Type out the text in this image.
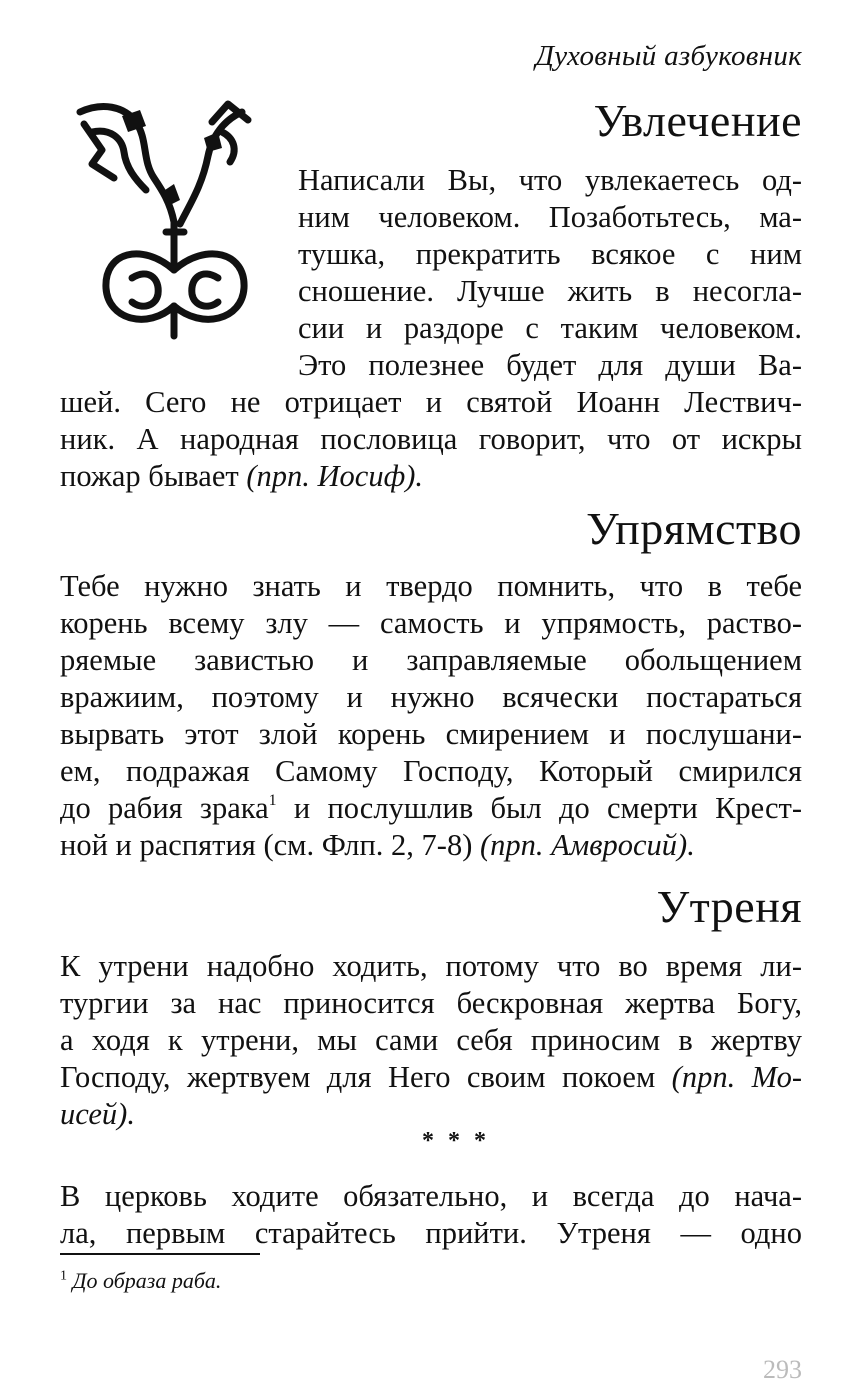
Духовный азбуковник
Увлечение
Написали Вы, что увлекаетесь од-
ним человеком. Позаботьтесь, ма-
тушка, прекратить всякое с ним
сношение. Лучше жить в несогла-
сии и раздоре с таким человеком.
Это полезнее будет для души Ва-
шей. Сего не отрицает и святой Иоанн Лествич-
ник. А народная пословица говорит, что от искры
пожар бывает (прп. Иосиф).
Упрямство
Тебе нужно знать и твердо помнить, что в тебе
корень всему злу — самость и упрямость, раство-
ряемые завистью и заправляемые обольщением
вражиим, поэтому и нужно всячески постараться
вырвать этот злой корень смирением и послушани-
ем, подражая Самому Господу, Который смирился
до рабия зрака$^1$ и послушлив был до смерти Крест-
ной и распятия (см. Флп. 2, 7-8) (прп. Амвросий).
Утреня
К утрени надобно ходить, потому что во время ли-
тургии за нас приносится бескровная жертва Богу,
а ходя к утрени, мы сами себя приносим в жертву
Господу, жертвуем для Него своим покоем (прп. Мо-
исей).
* * *
В церковь ходите обязательно, и всегда до нача-
ла, первым старайтесь прийти. Утреня — одно
$^1$ До образа раба.
293
